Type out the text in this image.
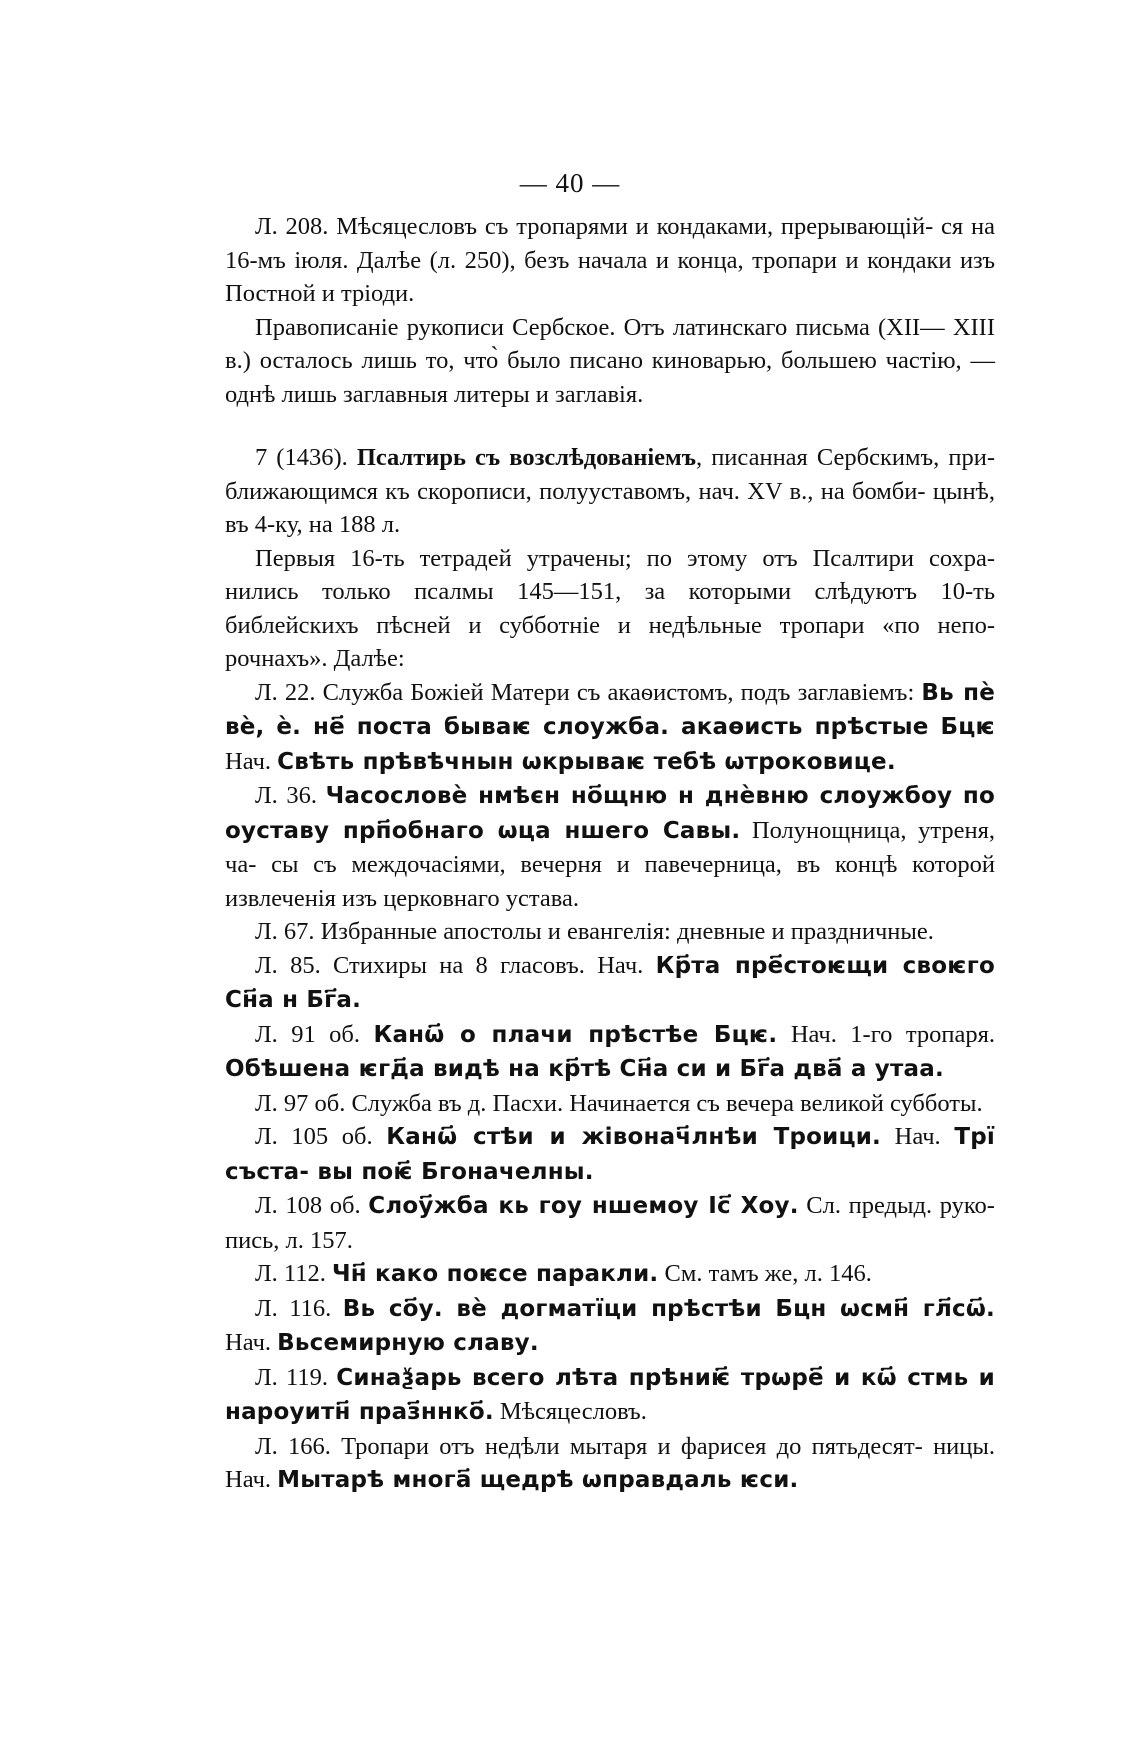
— 40 —

Л. 208. Мѣсяцесловъ съ тропарями и кондаками, прерывающій- ся на 16-мъ іюля. Далѣе (л. 250), безъ начала и конца, тропари и кондаки изъ Постной и тріоди.

Правописаніе рукописи Сербское. Отъ латинскаго письма (XII— XIII в.) осталось лишь то, что̀ было писано киноварью, большею частію, — однѣ лишь заглавныя литеры и заглавія.

7 (1436). Псалтирь съ возслѣдованіемъ, писанная Сербскимъ, при- ближающимся къ скорописи, полууставомъ, нач. XV в., на бомби- цынѣ, въ 4-ку, на 188 л.

Первыя 16-ть тетрадей утрачены; по этому отъ Псалтири сохра- нились только псалмы 145—151, за которыми слѣдуютъ 10-ть библейскихъ пѣсней и субботніе и недѣльные тропари «по непо- рочнахъ». Далѣе:

Л. 22. Служба Божіей Матери съ акаѳистомъ, подъ заглавіемъ: Вь пѐ вѐ, ѐ. не҃ поста бываѥ слоужба. акаѳисть прѣстые Бцѥ Нач. Свѣть прѣвѣчнын ѡкрываѥ тебѣ ѡтроковице.

Л. 36. Часословѐ нмѣєн но҃щню н днѐвню слоужбоу по оуставу прп҃обнаго ѡца ншего Савы. Полунощница, утреня, ча- сы съ междочасіями, вечерня и павечерница, въ концѣ которой извлеченія изъ церковнаго устава.

Л. 67. Избранные апостолы и евангелія: дневные и праздничные.

Л. 85. Стихиры на 8 гласовъ. Нач. Кр҃та пре҃стоѥщи своѥго Сн҃а н Бг҃а.

Л. 91 об. Канѡ҃ о плачи прѣстѣе Бцѥ. Нач. 1-го тропаря. Обѣшена ѥгд҃а видѣ на кр҃тѣ Сн҃а си и Бг҃а два҃ а утаа.

Л. 97 об. Служба въ д. Пасхи. Начинается съ вечера великой субботы.

Л. 105 об. Канѡ҃ стѣи и жівонач҃лнѣи Троици. Нач. Трї съста- вы поѥ҃ Бгоначелны.

Л. 108 об. Слоу҃жба кь гоу ншемоу Іс҃ Хоу. Сл. предыд. руко- пись, л. 157.

Л. 112. Чн҃ како поѥсе паракли. См. тамъ же, л. 146.

Л. 116. Вь со҃у. вѐ догматїци прѣстѣи Бцн ѡсмн҃ гл҃сѡ҃. Нач. Вьсемирную славу.

Л. 119. Синаѯарь всего лѣта прѣниѥ҃ трѡре҃ и кѡ҃ стмь и нароуитн҃ праз҃ннко҃. Мѣсяцесловъ.

Л. 166. Тропари отъ недѣли мытаря и фарисея до пятьдесят- ницы. Нач. Мытарѣ многа҃ щедрѣ ѡправдаль ѥси.
